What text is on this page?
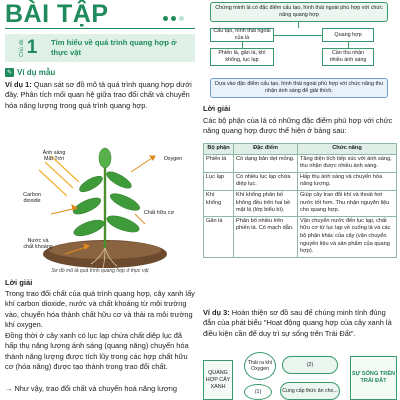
BÀI TẬP
Chủ đề 1 Tìm hiểu về quá trình quang hợp ở thực vật
✎ Ví dụ mẫu
Ví dụ 1: Quan sát sơ đồ mô tả quá trình quang hợp dưới đây. Phân tích mối quan hệ giữa trao đổi chất và chuyển hóa năng lượng trong quá trình quang hợp.
Ánh sáng
Mặt Trời	Oxygen
Carbon
dioxide
Chất hữu cơ
Nước và
chất khoáng
Sơ đồ mô tả quá trình quang hợp ở thực vật
Lời giải
Trong trao đổi chất của quá trình quang hợp, cây xanh lấy khí carbon dioxide, nước và chất khoáng từ môi trường vào, chuyển hóa thành chất hữu cơ và thải ra môi trường khí oxygen.
Đồng thời ở cây xanh có lục lạp chứa chất diệp lục đã hấp thụ năng lượng ánh sáng (quang năng) chuyển hóa thành năng lượng được tích lũy trong các hợp chất hữu cơ (hóa năng) được tạo thành trong trao đổi chất.
→ Như vậy, trao đổi chất và chuyển hoá năng lượng
Chứng minh lá có đặc điểm cấu tạo, hình thái ngoài phù hợp với chức năng quang hợp
Cấu tạo, hình thái ngoài của lá
Quang hợp
Phiến lá, gân lá, khí khổng, lục lạp
Cần thu nhận nhiều ánh sáng
Dựa vào đặc điểm cấu tạo, hình thái ngoài phù hợp với chức năng thu nhận ánh sáng để giải thích.
Lời giải
Các bộ phận của lá có những đặc điểm phù hợp với chức năng quang hợp được thể hiện ở bảng sau:
Bộ phận	Đặc điểm	Chức năng
Phiến lá	Có dạng bản dẹt mỏng.	Tăng diện tích tiếp xúc với ánh sáng, thu nhận được nhiều ánh sáng.
Lục lạp	Có nhiều lục lạp chứa diệp lục.	Hấp thụ ánh sáng và chuyển hóa năng lượng.
Khí khổng	Khí khổng phân bố không đều trên hai bề mặt lá (lớp biểu bì).	Giúp cây trao đổi khí và thoát hơi nước tốt hơn. Thu nhận nguyên liệu cho quang hợp.
Gân lá	Phân bố nhiều trên phiến lá. Có mạch dẫn.	Vận chuyển nước đến lục lạp, chất hữu cơ từ lục lạp về cuống lá và các bộ phận khác của cây (vận chuyển nguyên liệu và sản phẩm của quang hợp).
Ví dụ 3: Hoàn thiện sơ đồ sau để chúng minh tính đúng đắn của phát biểu "Hoạt động quang hợp của cây xanh là điều kiện cần để duy trì sự sống trên Trái Đất".
QUANG HỢP CÂY XANH
Thải ra khí Oxygen
(2)
(1)	Cung cấp thức ăn cho...
SỰ SỐNG TRÊN TRÁI ĐẤT
